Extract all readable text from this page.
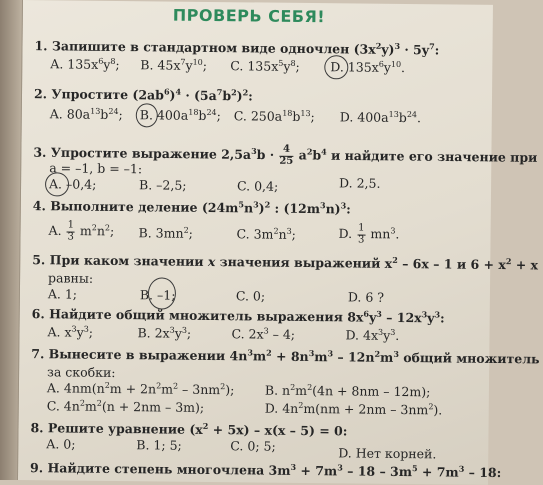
ПРОВЕРЬ СЕБЯ!
1. Запишите в стандартном виде одночлен $(3x^2y)^3 \cdot 5y^7$:
A. $135x^6y^8$; B. $45x^7y^{10}$; C. $135x^5y^8$; D. $135x^6y^{10}$.
2. Упростите $(2ab^6)^4 \cdot (5a^7b^2)^2$:
A. $80a^{13}b^{24}$; B. $400a^{18}b^{24}$; C. $250a^{18}b^{13}$; D. $400a^{13}b^{24}$.
3. Упростите выражение $2,5a^3b \cdot \frac{4}{25} a^2b^4$ и найдите его значение при
a = –1, b = –1:
A. –0,4;	B. –2,5;	C. 0,4;	D. 2,5.
4. Выполните деление $(24m^5n^3)^2$ : $(12m^3n)^3$:
A. $\frac{1}{3} m^2n^2$; B. $3mn^2$;	C. $3m^2n^3$;	D. $\frac{1}{3} mn^3$.
5. При каком значении x значения выражений $x^2 - 6x - 1$ и $6 + x^2 + x$
равны:
A. 1;	B. –1;	C. 0;	D. 6 ?
6. Найдите общий множитель выражения $8x^6y^3 - 12x^3y^3$:
A. $x^3y^3$;	B. $2x^3y^3$;	C. $2x^3 - 4$;	D. $4x^3y^3$.
7. Вынесите в выражении $4n^3m^2 + 8n^3m^3 - 12n^2m^3$ общий множитель
за скобки:
A. $4nm(n^2m + 2n^2m^2 - 3nm^2)$; B. $n^2m^2(4n + 8nm - 12m)$;
C. $4n^2m^2(n + 2nm - 3m)$;	D. $4n^2m(nm + 2nm - 3nm^2)$.
8. Решите уравнение $(x^2 + 5x) - x(x - 5) = 0$:
A. 0;	B. 1; 5;	C. 0; 5;	D. Нет корней.
9. Найдите степень многочлена $3m^3 + 7m^3 - 18 - 3m^5 + 7m^3 - 18$:
